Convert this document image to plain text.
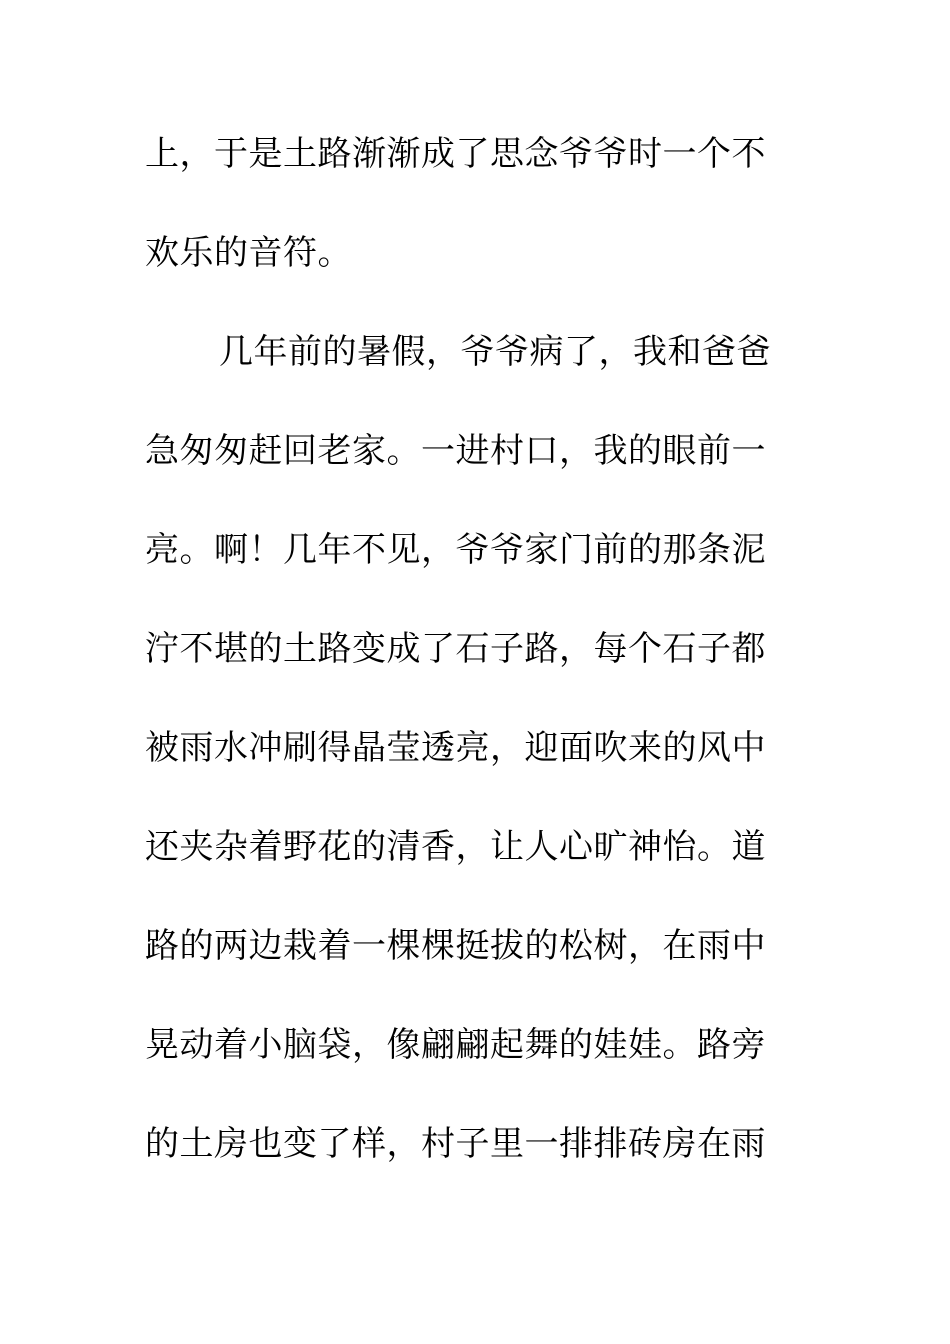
上，于是土路渐渐成了思念爷爷时一个不
欢乐的音符。
几年前的暑假，爷爷病了，我和爸爸
急匆匆赶回老家。一进村口，我的眼前一
亮。啊！几年不见，爷爷家门前的那条泥
泞不堪的土路变成了石子路，每个石子都
被雨水冲刷得晶莹透亮，迎面吹来的风中
还夹杂着野花的清香，让人心旷神怡。道
路的两边栽着一棵棵挺拔的松树，在雨中
晃动着小脑袋，像翩翩起舞的娃娃。路旁
的土房也变了样，村子里一排排砖房在雨
